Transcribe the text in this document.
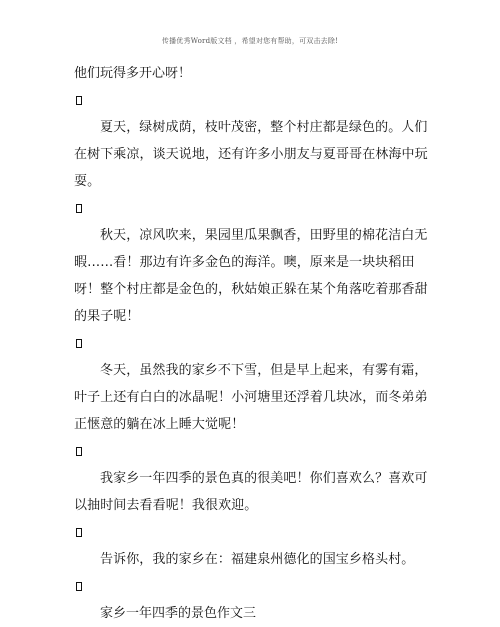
传播优秀Word版文档 ，希望对您有帮助，可双击去除!

他们玩得多开心呀！

夏天，绿树成荫，枝叶茂密，整个村庄都是绿色的。人们在树下乘凉，谈天说地，还有许多小朋友与夏哥哥在林海中玩耍。

秋天，凉风吹来，果园里瓜果飘香，田野里的棉花洁白无暇……看！那边有许多金色的海洋。噢，原来是一块块稻田呀！整个村庄都是金色的，秋姑娘正躲在某个角落吃着那香甜的果子呢！

冬天，虽然我的家乡不下雪，但是早上起来，有雾有霜，叶子上还有白白的冰晶呢！小河塘里还浮着几块冰，而冬弟弟正惬意的躺在冰上睡大觉呢！

我家乡一年四季的景色真的很美吧！你们喜欢么？喜欢可以抽时间去看看呢！我很欢迎。

告诉你，我的家乡在：福建泉州德化的国宝乡格头村。

家乡一年四季的景色作文三
